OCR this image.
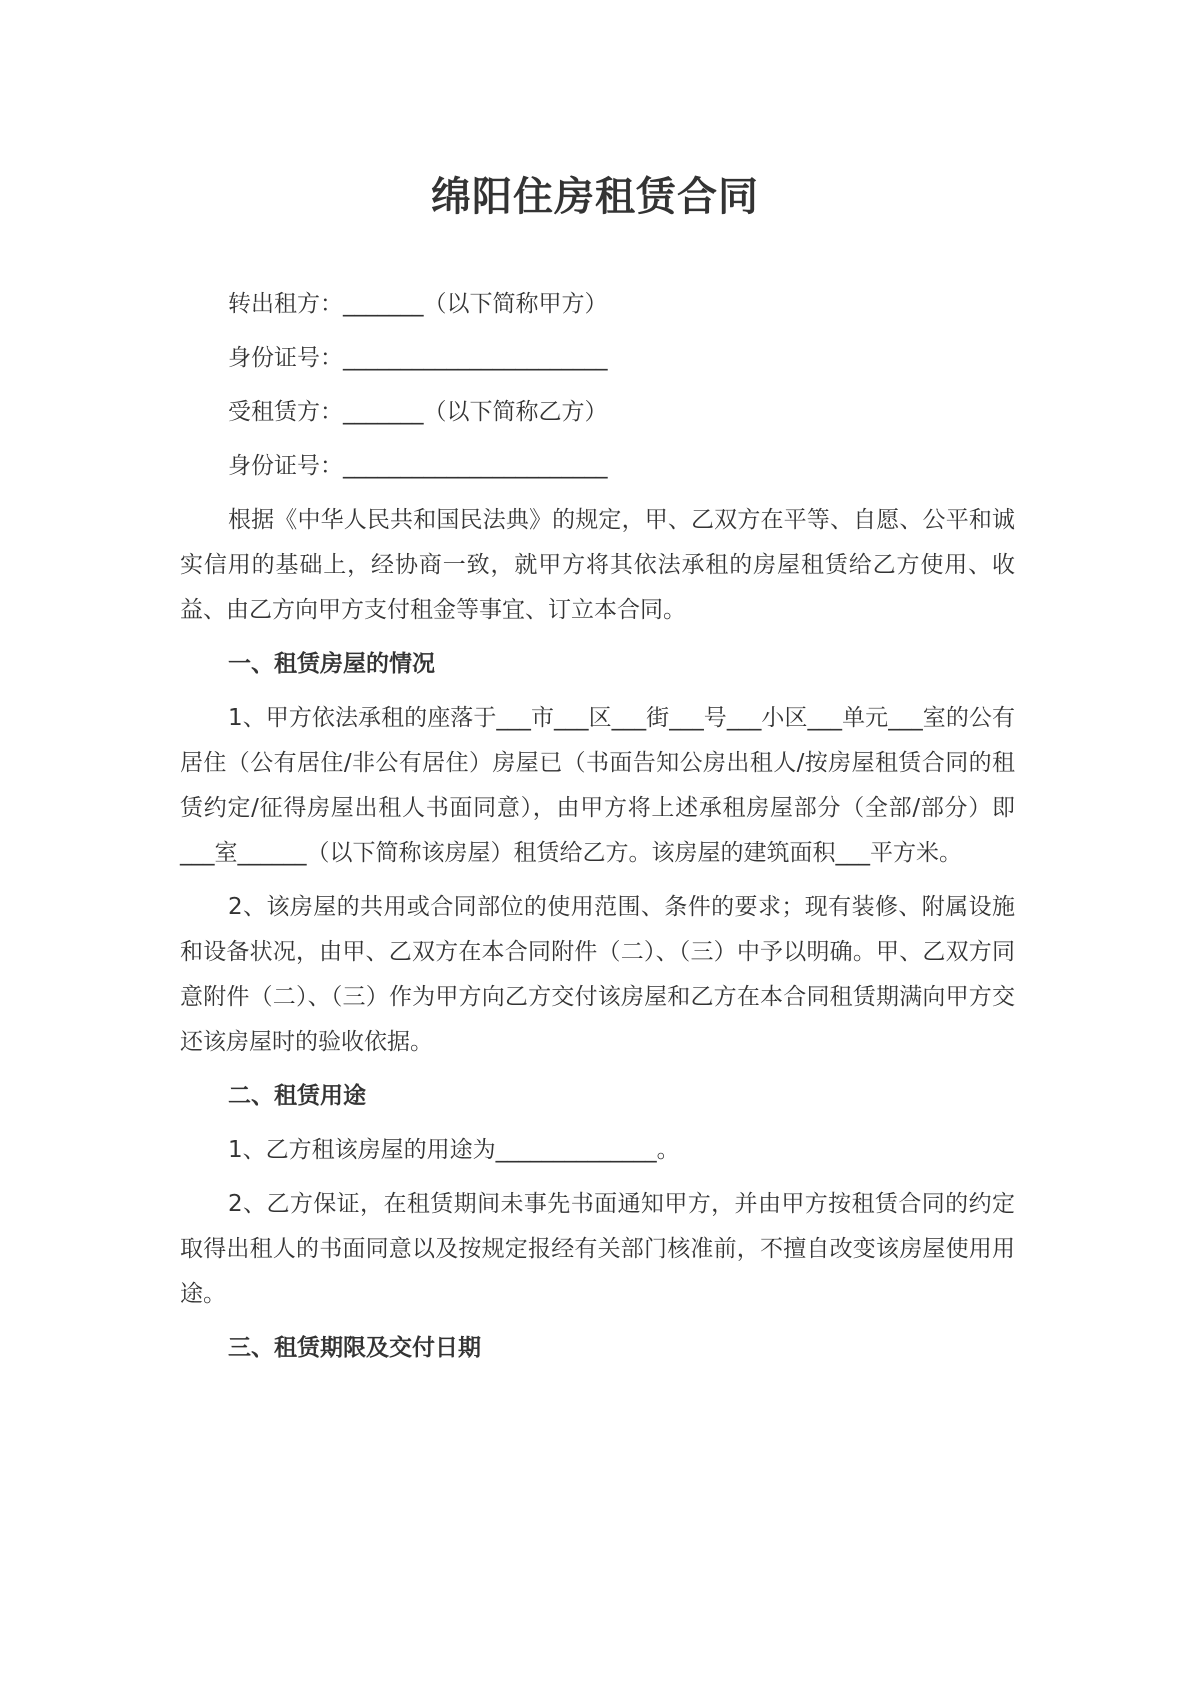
绵阳住房租赁合同

转出租方：_______（以下简称甲方）

身份证号：_______________________

受租赁方：_______（以下简称乙方）

身份证号：_______________________

根据《中华人民共和国民法典》的规定，甲、乙双方在平等、自愿、公平和诚实信用的基础上，经协商一致，就甲方将其依法承租的房屋租赁给乙方使用、收益、由乙方向甲方支付租金等事宜、订立本合同。

一、租赁房屋的情况

1、甲方依法承租的座落于___市___区___街___号___小区___单元___室的公有居住（公有居住/非公有居住）房屋已（书面告知公房出租人/按房屋租赁合同的租赁约定/征得房屋出租人书面同意），由甲方将上述承租房屋部分（全部/部分）即___室______（以下简称该房屋）租赁给乙方。该房屋的建筑面积___平方米。

2、该房屋的共用或合同部位的使用范围、条件的要求；现有装修、附属设施和设备状况，由甲、乙双方在本合同附件（二）、（三）中予以明确。甲、乙双方同意附件（二）、（三）作为甲方向乙方交付该房屋和乙方在本合同租赁期满向甲方交还该房屋时的验收依据。

二、租赁用途

1、乙方租该房屋的用途为______________。

2、乙方保证，在租赁期间未事先书面通知甲方，并由甲方按租赁合同的约定取得出租人的书面同意以及按规定报经有关部门核准前，不擅自改变该房屋使用用途。

三、租赁期限及交付日期
